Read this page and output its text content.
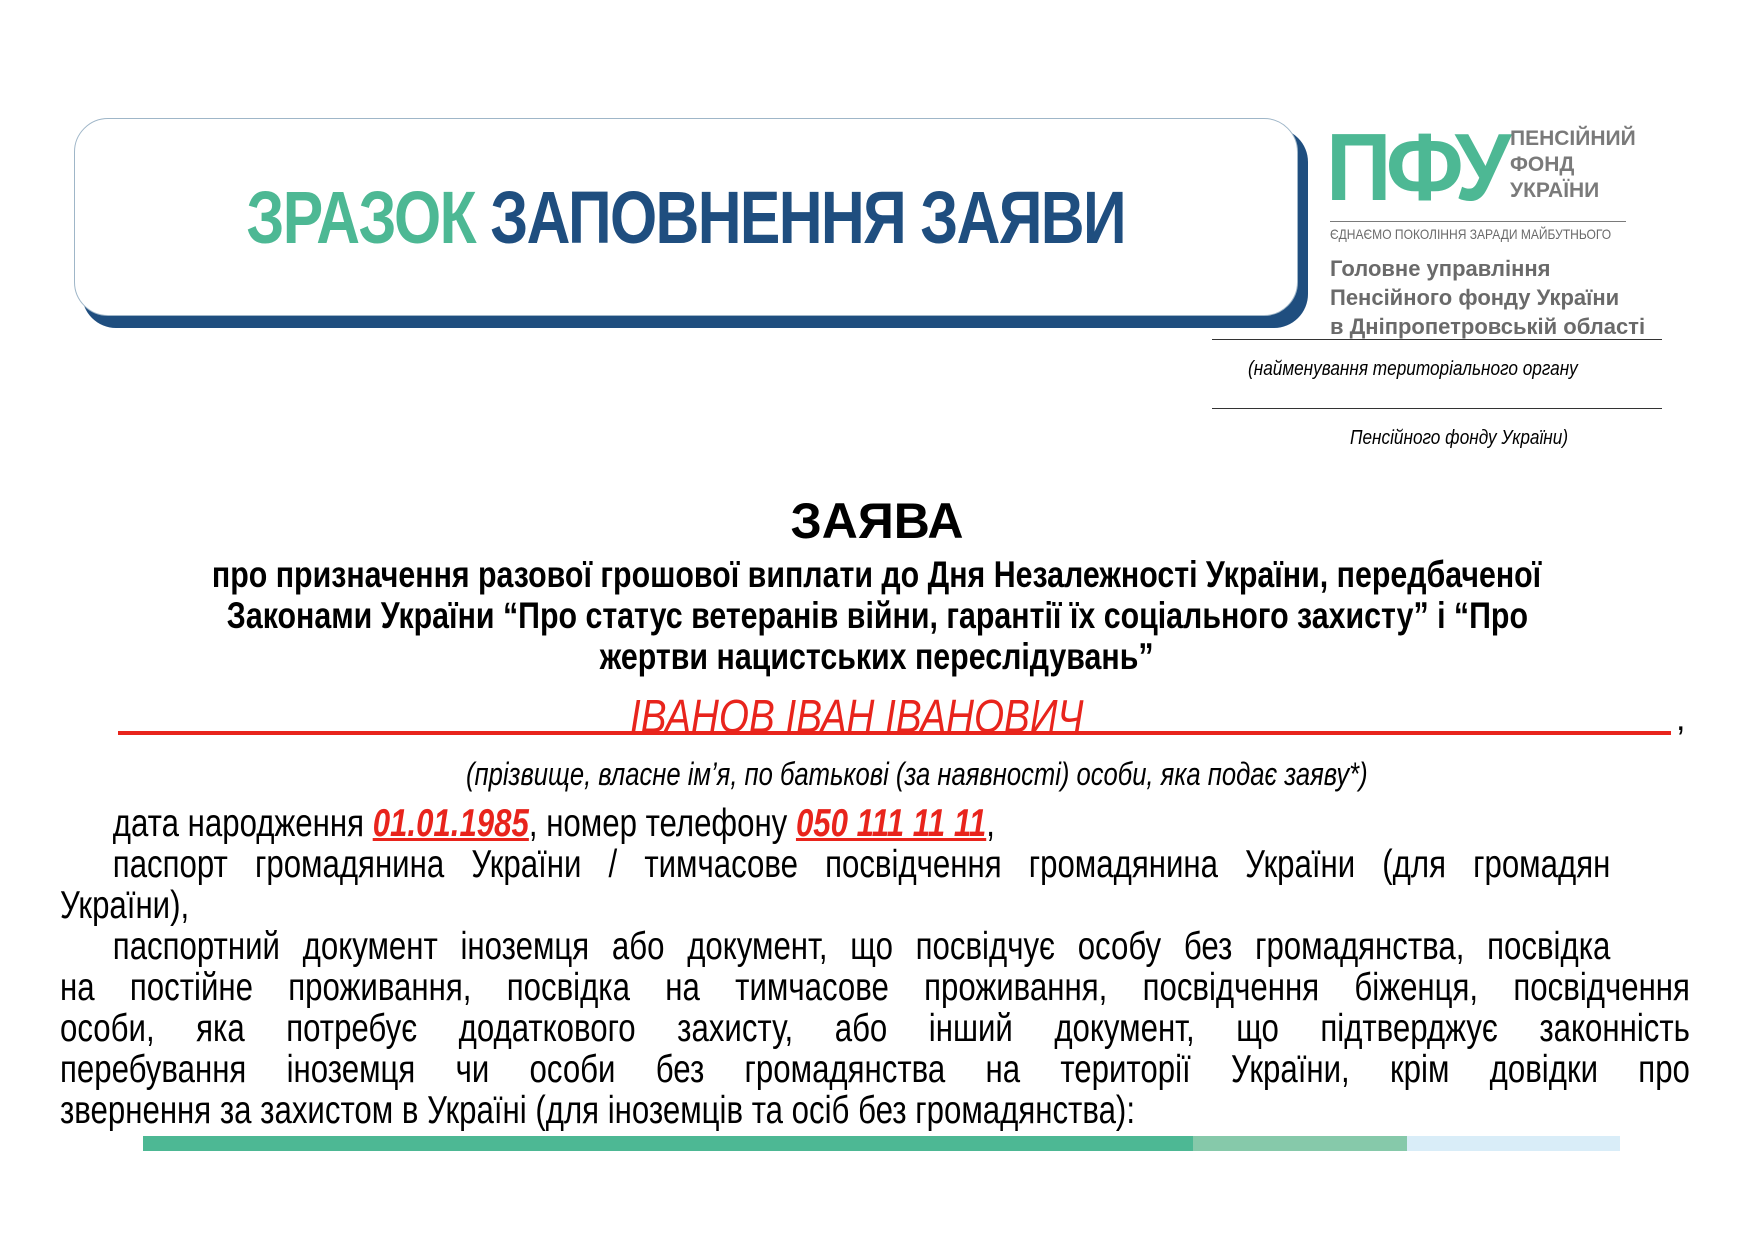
ЗРАЗОК ЗАПОВНЕННЯ ЗАЯВИ ПФУ ПЕНСІЙНИЙ
ФОНД
УКРАЇНИ
ЄДНАЄМО ПОКОЛІННЯ ЗАРАДИ МАЙБУТНЬОГО
Головне управління
Пенсійного фонду України
в Дніпропетровській області
(найменування територіального органу
Пенсійного фонду України)
ЗАЯВА
про призначення разової грошової виплати до Дня Незалежності України, передбаченої
Законами України “Про статус ветеранів війни, гарантії їх соціального захисту” і “Про
жертви нацистських переслідувань”
ІВАНОВ ІВАН ІВАНОВИЧ	,
(прізвище, власне ім’я, по батькові (за наявності) особи, яка подає заяву*)
дата народження 01.01.1985, номер телефону 050 111 11 11,
паспорт громадянина України / тимчасове посвідчення громадянина України (для громадян
України),
паспортний документ іноземця або документ, що посвідчує особу без громадянства, посвідка
на постійне проживання, посвідка на тимчасове проживання, посвідчення біженця, посвідчення
особи, яка потребує додаткового захисту, або інший документ, що підтверджує законність
перебування іноземця чи особи без громадянства на території України, крім довідки про
звернення за захистом в Україні (для іноземців та осіб без громадянства):
